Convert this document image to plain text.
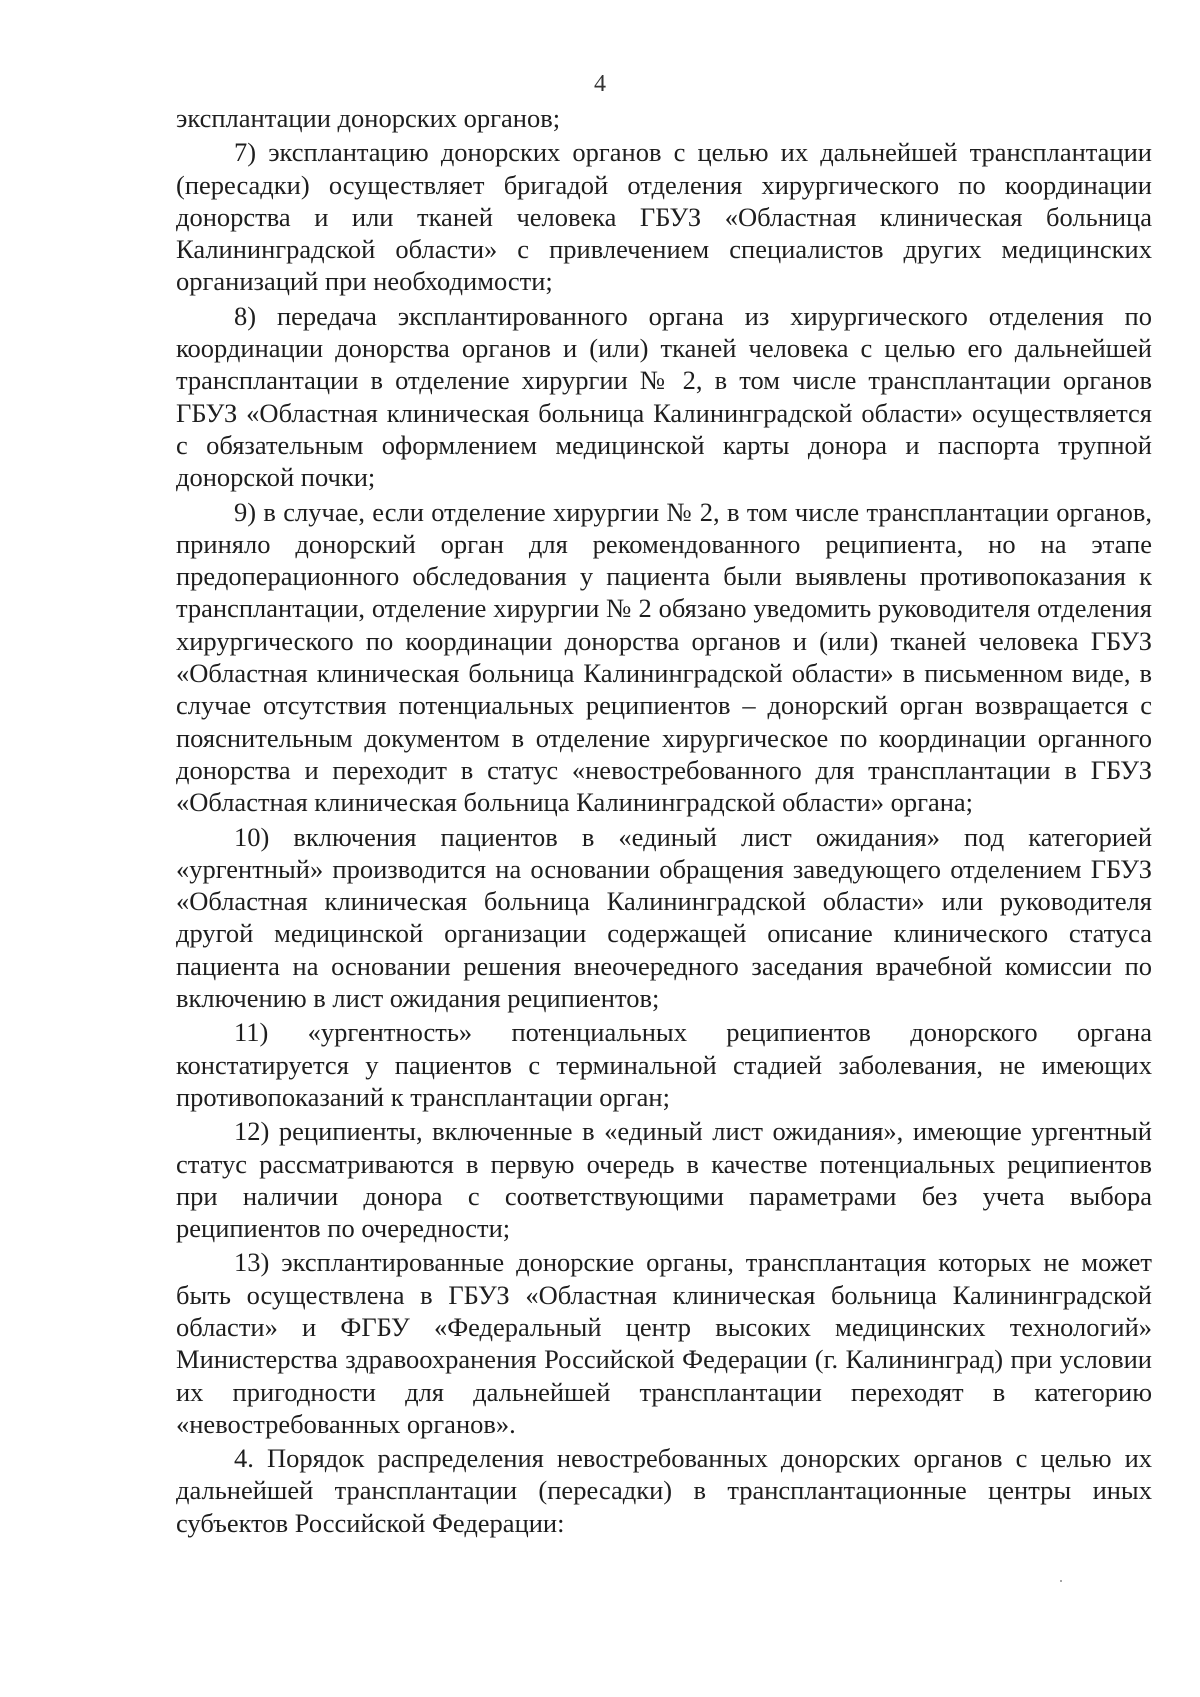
4

эксплантации донорских органов;

7) эксплантацию донорских органов с целью их дальнейшей трансплантации (пересадки) осуществляет бригадой отделения хирургического по координации донорства и или тканей человека ГБУЗ «Областная клиническая больница Калининградской области» с привлечением специалистов других медицинских организаций при необходимости;

8) передача эксплантированного органа из хирургического отделения по координации донорства органов и (или) тканей человека с целью его дальнейшей трансплантации в отделение хирургии № 2, в том числе трансплантации органов ГБУЗ «Областная клиническая больница Калининградской области» осуществляется с обязательным оформлением медицинской карты донора и паспорта трупной донорской почки;

9) в случае, если отделение хирургии № 2, в том числе трансплантации органов, приняло донорский орган для рекомендованного реципиента, но на этапе предоперационного обследования у пациента были выявлены противопоказания к трансплантации, отделение хирургии № 2 обязано уведомить руководителя отделения хирургического по координации донорства органов и (или) тканей человека ГБУЗ «Областная клиническая больница Калининградской области» в письменном виде, в случае отсутствия потенциальных реципиентов – донорский орган возвращается с пояснительным документом в отделение хирургическое по координации органного донорства и переходит в статус «невостребованного для трансплантации в ГБУЗ «Областная клиническая больница Калининградской области» органа;

10) включения пациентов в «единый лист ожидания» под категорией «ургентный» производится на основании обращения заведующего отделением ГБУЗ «Областная клиническая больница Калининградской области» или руководителя другой медицинской организации содержащей описание клинического статуса пациента на основании решения внеочередного заседания врачебной комиссии по включению в лист ожидания реципиентов;

11) «ургентность» потенциальных реципиентов донорского органа констатируется у пациентов с терминальной стадией заболевания, не имеющих противопоказаний к трансплантации орган;

12) реципиенты, включенные в «единый лист ожидания», имеющие ургентный статус рассматриваются в первую очередь в качестве потенциальных реципиентов при наличии донора с соответствующими параметрами без учета выбора реципиентов по очередности;

13) эксплантированные донорские органы, трансплантация которых не может быть осуществлена в ГБУЗ «Областная клиническая больница Калининградской области» и ФГБУ «Федеральный центр высоких медицинских технологий» Министерства здравоохранения Российской Федерации (г. Калининград) при условии их пригодности для дальнейшей трансплантации переходят в категорию «невостребованных органов».

4. Порядок распределения невостребованных донорских органов с целью их дальнейшей трансплантации (пересадки) в трансплантационные центры иных субъектов Российской Федерации:
